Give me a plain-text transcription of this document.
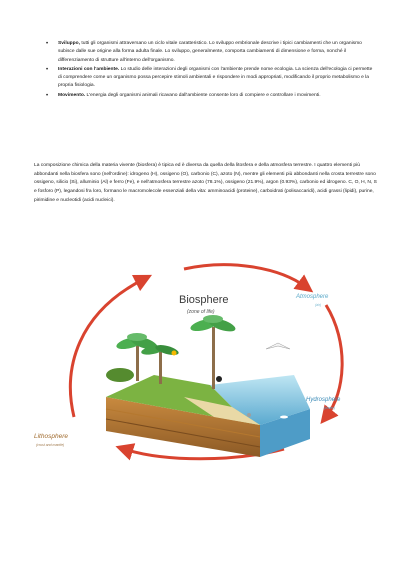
• Sviluppo, tutti gli organismi attraversano un ciclo vitale caratteristico. Lo sviluppo embrionale descrive i tipici cambiamenti che un organismo subisce dalle sue origine alla forma adulta finale. Lo sviluppo, generalmente, comporta cambiamenti di dimensione e forma, nonché il differenziamento di strutture all'interno dell'organismo.
• Interazioni con l'ambiente. Lo studio delle interazioni degli organismi con l'ambiente prende nome ecologia. La scienza dell'ecologia ci permette di comprendere come un organismo possa percepire stimoli ambientali e rispondere in modi appropriati, modificando il proprio metabolismo e la propria fisiologia.
• Movimento. L'energia degli organismi animali ricavano dall'ambiente consente loro di compiere e controllare i movimenti.

La composizione chimica della materia vivente (biosfera) è tipica ed è diversa da quella della litosfera e della atmosfera terrestre. I quattro elementi più abbondanti nella biosfera sono (nell'ordine): idrogeno (H), ossigeno (O), carbonio (C), azoto (N), mentre gli elementi più abbondanti nella crosta terrestre sono ossigeno, silicio (Si), alluminio (Al) e ferro (Fe), e nell'atmosfera terrestre azoto (78.1%), ossigeno (21.9%), argon (0.93%), carbonio ed idrogeno. C, O, H, N, S e fosforo (P), legandosi fra loro, formano le macromolecole essenziali della vita: amminoacidi (proteine), carboidrati (polisaccaridi), acidi grassi (lipidi), purine, pirimidine e nucleotidi (acidi nucleici).

Biosphere
(zone of life)
Atmosphere
(air)
Hydrosphere
(water)
Lithosphere
(crust and mantle)
